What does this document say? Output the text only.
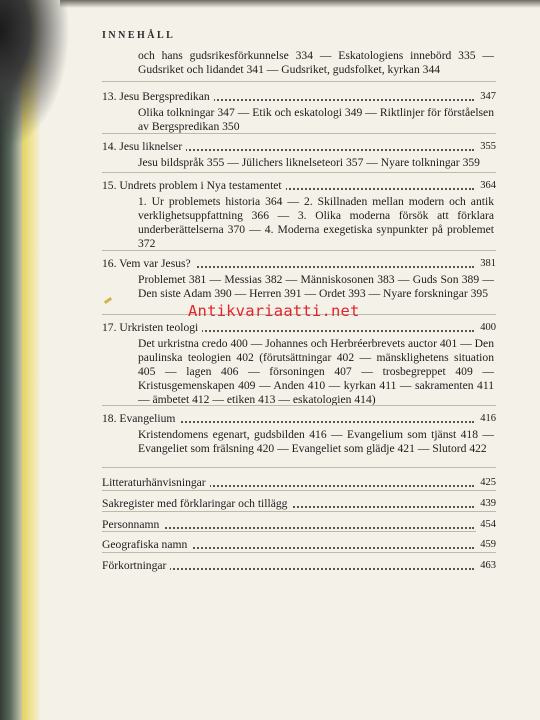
INNEHÅLL
och hans gudsrikesförkunnelse 334 — Eskatologiens innebörd 335 — Gudsriket och lidandet 341 — Gudsriket, gudsfolket, kyrkan 344
13. Jesu Bergspredikan	347
Olika tolkningar 347 — Etik och eskatologi 349 — Riktlinjer för förståelsen av Bergspredikan 350
14. Jesu liknelser	355
Jesu bildspråk 355 — Jülichers liknelseteori 357 — Nyare tolkningar 359
15. Undrets problem i Nya testamentet	364
1. Ur problemets historia 364 — 2. Skillnaden mellan modern och antik verklighetsuppfattning 366 — 3. Olika moderna försök att förklara underberättelserna 370 — 4. Moderna exegetiska synpunkter på problemet 372
16. Vem var Jesus?	381
Problemet 381 — Messias 382 — Människosonen 383 — Guds Son 389 — Den siste Adam 390 — Herren 391 — Ordet 393 — Nyare forskningar 395
17. Urkristen teologi	400
Det urkristna credo 400 — Johannes och Herbréerbrevets auctor 401 — Den paulinska teologien 402 (förutsättningar 402 — mänsklighetens situation 405 — lagen 406 — försoningen 407 — trosbegreppet 409 — Kristusgemenskapen 409 — Anden 410 — kyrkan 411 — sakramenten 411 — ämbetet 412 — etiken 413 — eskatologien 414)
18. Evangelium	416
Kristendomens egenart, gudsbilden 416 — Evangelium som tjänst 418 — Evangeliet som frälsning 420 — Evangeliet som glädje 421 — Slutord 422
Litteraturhänvisningar	425
Sakregister med förklaringar och tillägg	439
Personnamn	454
Geografiska namn	459
Förkortningar	463
Antikvariaatti.net
